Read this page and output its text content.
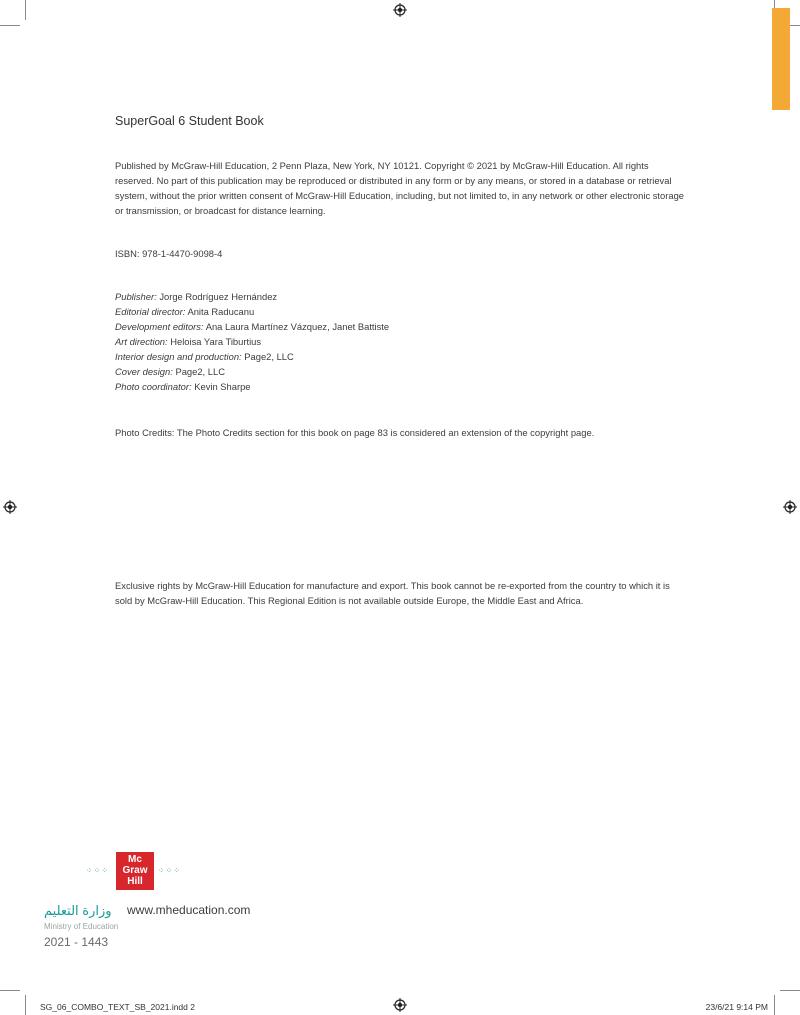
SuperGoal 6 Student Book
Published by McGraw-Hill Education, 2 Penn Plaza, New York, NY 10121. Copyright © 2021 by McGraw-Hill Education. All rights reserved. No part of this publication may be reproduced or distributed in any form or by any means, or stored in a database or retrieval system, without the prior written consent of McGraw-Hill Education, including, but not limited to, in any network or other electronic storage or transmission, or broadcast for distance learning.
ISBN: 978-1-4470-9098-4
Publisher: Jorge Rodríguez Hernández
Editorial director: Anita Raducanu
Development editors: Ana Laura Martínez Vázquez, Janet Battiste
Art direction: Heloisa Yara Tiburtius
Interior design and production: Page2, LLC
Cover design: Page2, LLC
Photo coordinator: Kevin Sharpe
Photo Credits: The Photo Credits section for this book on page 83 is considered an extension of the copyright page.
Exclusive rights by McGraw-Hill Education for manufacture and export. This book cannot be re-exported from the country to which it is sold by McGraw-Hill Education. This Regional Edition is not available outside Europe, the Middle East and Africa.
⁘⁘⁘
Mc
Graw
Hill
⁘⁘⁘
وزارة التعليم www.mheducation.com
Ministry of Education
2021 - 1443
SG_06_COMBO_TEXT_SB_2021.indd 2	23/6/21 9:14 PM
